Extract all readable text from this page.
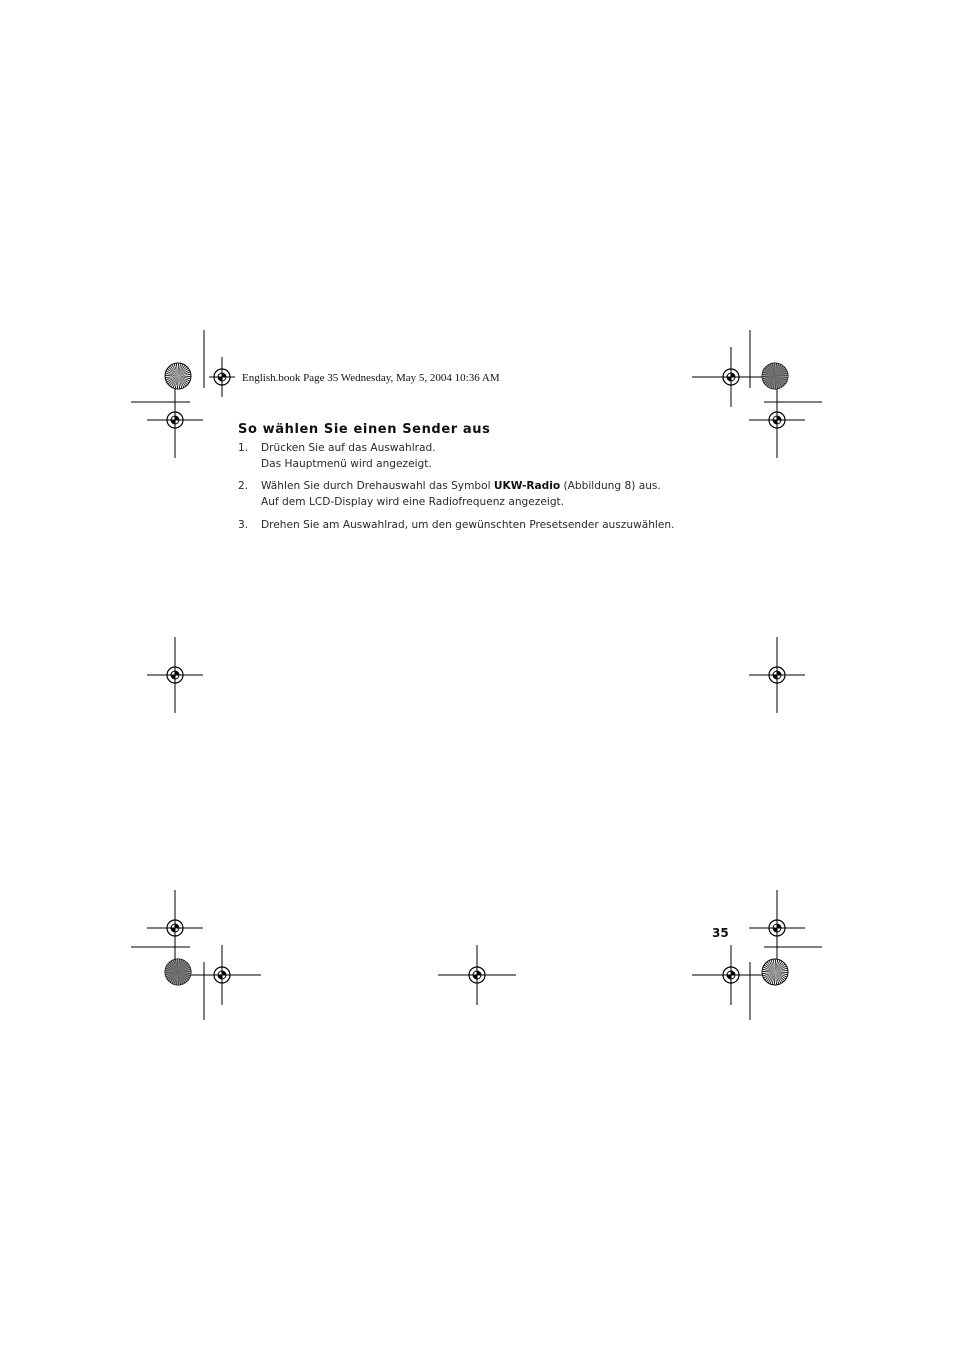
English.book Page 35 Wednesday, May 5, 2004 10:36 AM
So wählen Sie einen Sender aus
1. Drücken Sie auf das Auswahlrad.
Das Hauptmenü wird angezeigt.
2. Wählen Sie durch Drehauswahl das Symbol UKW-Radio (Abbildung 8) aus.
Auf dem LCD-Display wird eine Radiofrequenz angezeigt.
3. Drehen Sie am Auswahlrad, um den gewünschten Presetsender auszuwählen.
35
